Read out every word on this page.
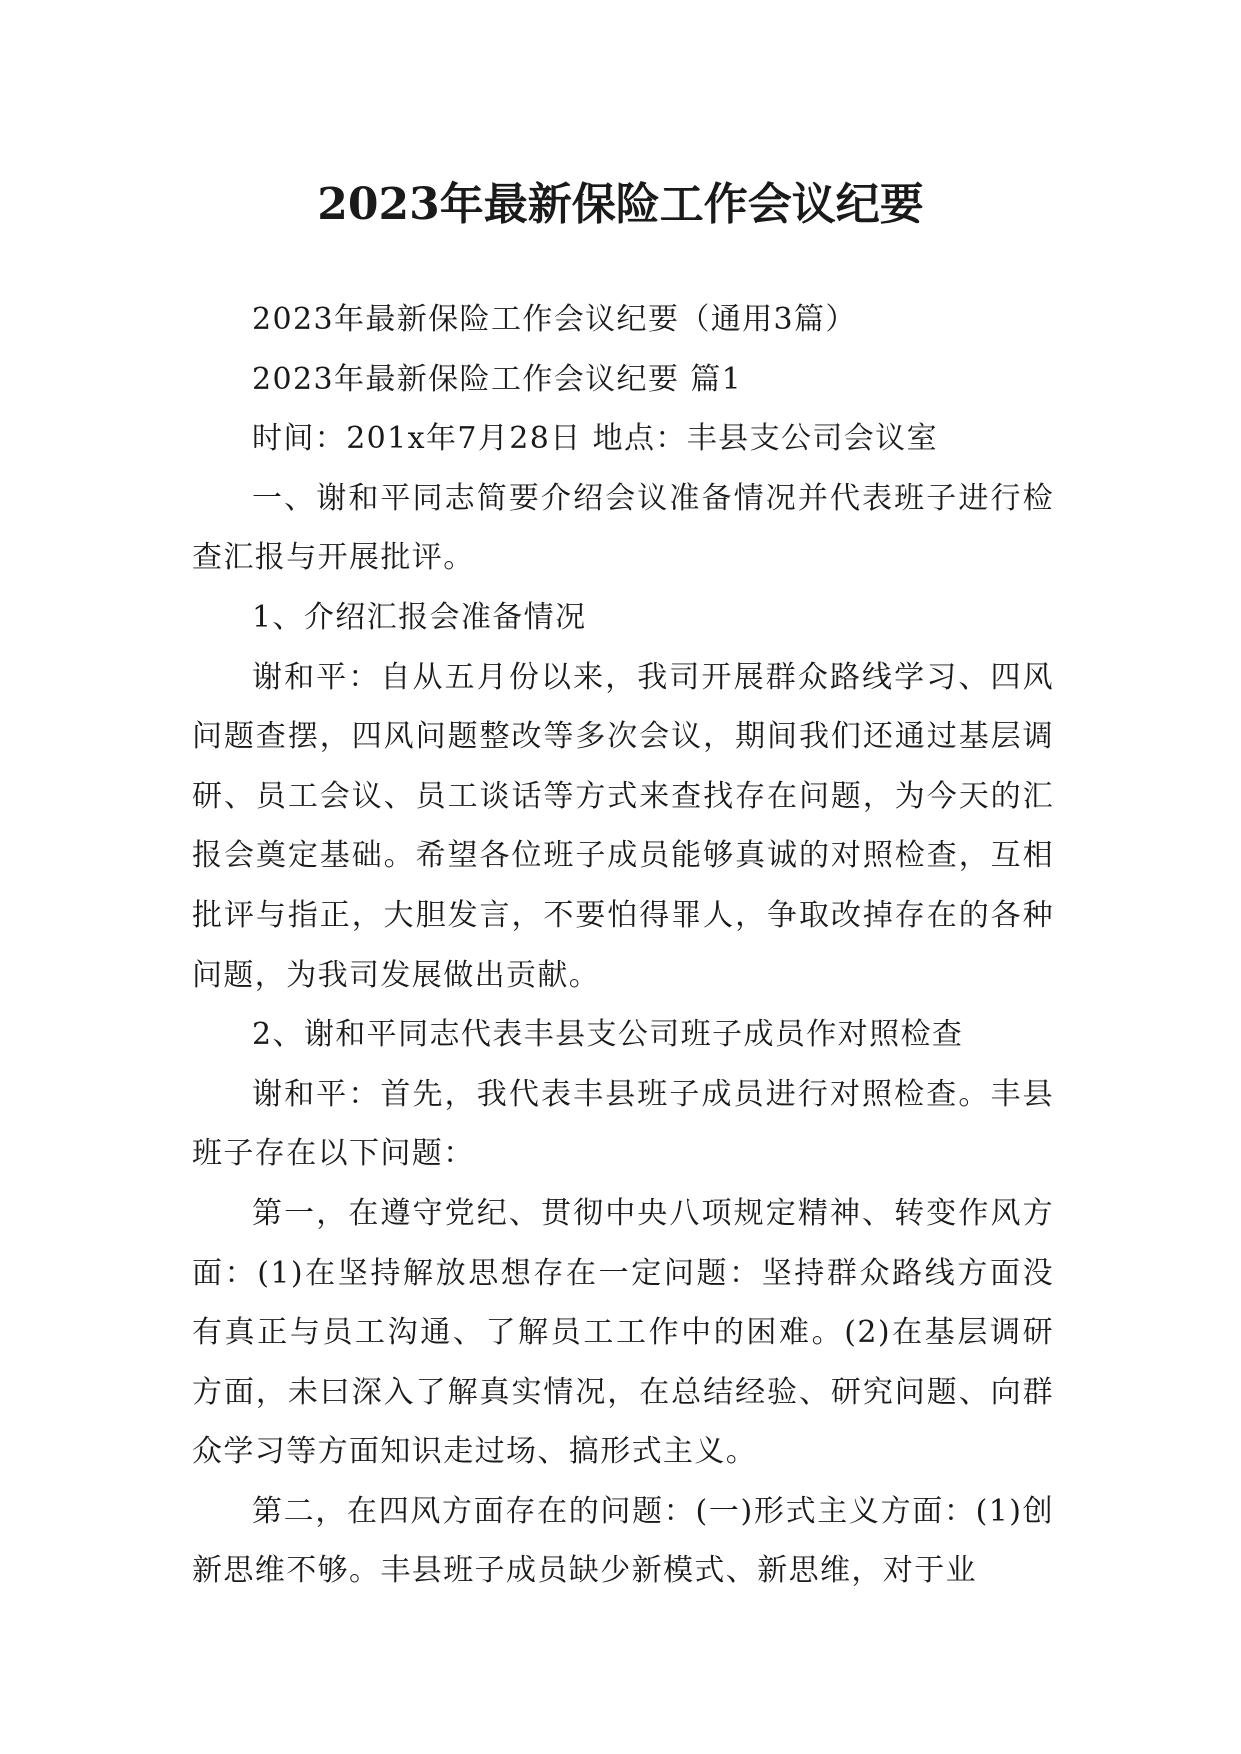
2023年最新保险工作会议纪要

2023年最新保险工作会议纪要（通用3篇）

2023年最新保险工作会议纪要 篇1

时间：201x年7月28日 地点：丰县支公司会议室

一、谢和平同志简要介绍会议准备情况并代表班子进行检查汇报与开展批评。

1、介绍汇报会准备情况

谢和平：自从五月份以来，我司开展群众路线学习、四风问题查摆，四风问题整改等多次会议，期间我们还通过基层调研、员工会议、员工谈话等方式来查找存在问题，为今天的汇报会奠定基础。希望各位班子成员能够真诚的对照检查，互相批评与指正，大胆发言，不要怕得罪人，争取改掉存在的各种问题，为我司发展做出贡献。

2、谢和平同志代表丰县支公司班子成员作对照检查

谢和平：首先，我代表丰县班子成员进行对照检查。丰县班子存在以下问题：

第一，在遵守党纪、贯彻中央八项规定精神、转变作风方面：(1)在坚持解放思想存在一定问题：坚持群众路线方面没有真正与员工沟通、了解员工工作中的困难。(2)在基层调研方面，未曰深入了解真实情况，在总结经验、研究问题、向群众学习等方面知识走过场、搞形式主义。

第二，在四风方面存在的问题：(一)形式主义方面：(1)创新思维不够。丰县班子成员缺少新模式、新思维，对于业
